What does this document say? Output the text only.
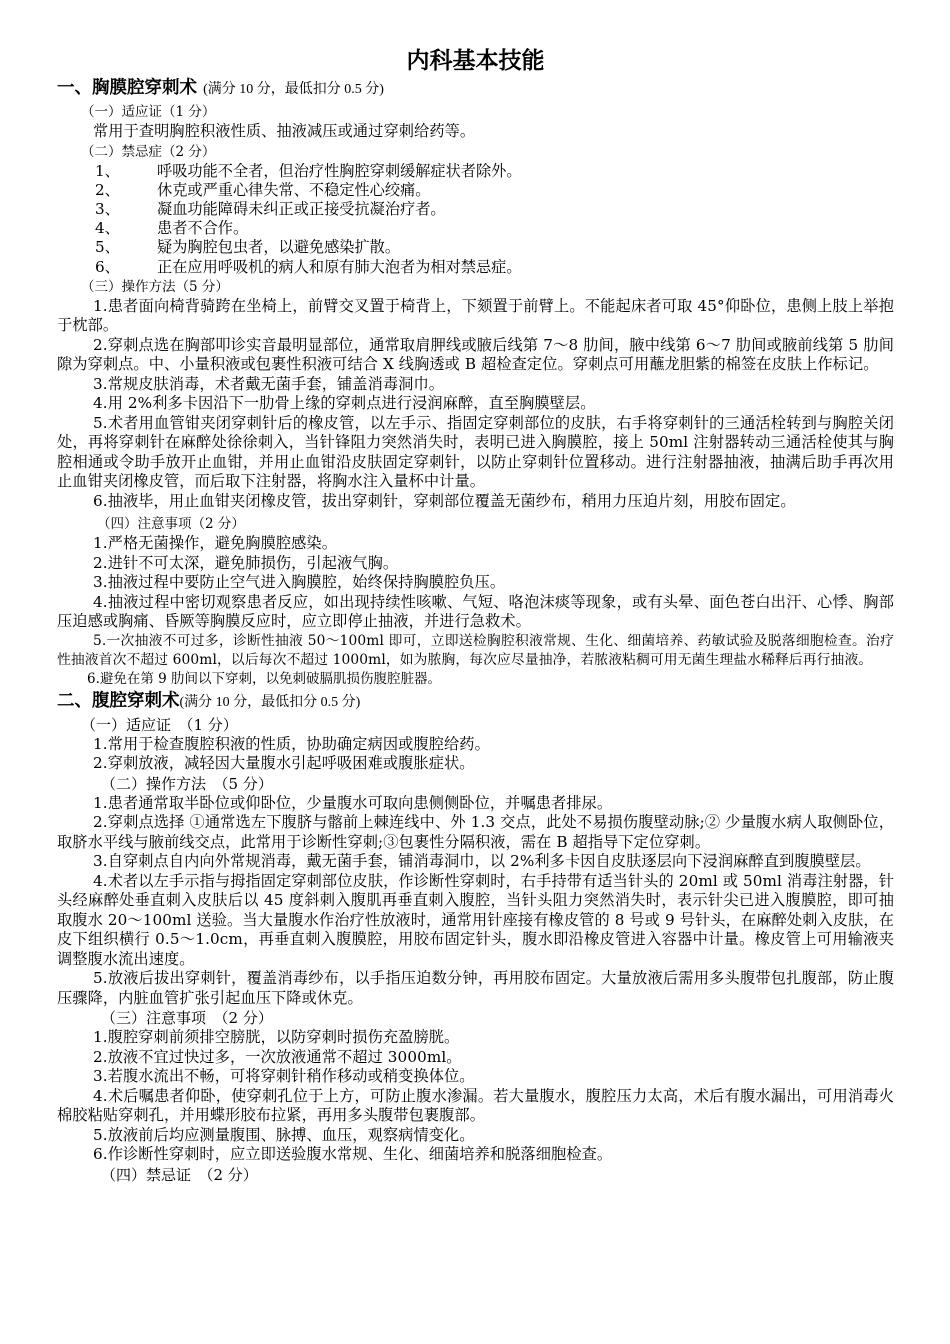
内科基本技能
一、胸膜腔穿刺术 (满分 10 分，最低扣分 0.5 分)
（一）适应证（1 分）

常用于查明胸腔积液性质、抽液减压或通过穿刺给药等。

（二）禁忌症（2 分）
1、	呼吸功能不全者，但治疗性胸腔穿刺缓解症状者除外。
2、	休克或严重心律失常、不稳定性心绞痛。
3、	凝血功能障碍未纠正或正接受抗凝治疗者。
4、	患者不合作。
5、	疑为胸腔包虫者，以避免感染扩散。
6、	正在应用呼吸机的病人和原有肺大泡者为相对禁忌症。
（三）操作方法（5 分）

1.患者面向椅背骑跨在坐椅上，前臂交叉置于椅背上，下颏置于前臂上。不能起床者可取 45°仰卧位，患侧上肢上举抱于枕部。

2.穿刺点选在胸部叩诊实音最明显部位，通常取肩胛线或腋后线第 7～8 肋间，腋中线第 6～7 肋间或腋前线第 5 肋间隙为穿刺点。中、小量积液或包裹性积液可结合 X 线胸透或 B 超检查定位。穿刺点可用蘸龙胆紫的棉签在皮肤上作标记。

3.常规皮肤消毒，术者戴无菌手套，铺盖消毒洞巾。

4.用 2%利多卡因沿下一肋骨上缘的穿刺点进行浸润麻醉，直至胸膜壁层。

5.术者用血管钳夹闭穿刺针后的橡皮管，以左手示、指固定穿刺部位的皮肤，右手将穿刺针的三通活栓转到与胸腔关闭处，再将穿刺针在麻醉处徐徐刺入，当针锋阻力突然消失时，表明已进入胸膜腔，接上 50ml 注射器转动三通活栓使其与胸腔相通或令助手放开止血钳，并用止血钳沿皮肤固定穿刺针，以防止穿刺针位置移动。进行注射器抽液，抽满后助手再次用止血钳夹闭橡皮管，而后取下注射器，将胸水注入量杯中计量。

6.抽液毕，用止血钳夹闭橡皮管，拔出穿刺针，穿刺部位覆盖无菌纱布，稍用力压迫片刻，用胶布固定。

（四）注意事项（2 分）

1.严格无菌操作，避免胸膜腔感染。

2.进针不可太深，避免肺损伤，引起液气胸。

3.抽液过程中要防止空气进入胸膜腔，始终保持胸膜腔负压。

4.抽液过程中密切观察患者反应，如出现持续性咳嗽、气短、咯泡沫痰等现象，或有头晕、面色苍白出汗、心悸、胸部压迫感或胸痛、昏厥等胸膜反应时，应立即停止抽液，并进行急救术。

5.一次抽液不可过多，诊断性抽液 50～100ml 即可，立即送检胸腔积液常规、生化、细菌培养、药敏试验及脱落细胞检查。治疗性抽液首次不超过 600ml，以后每次不超过 1000ml，如为脓胸，每次应尽量抽净，若脓液粘稠可用无菌生理盐水稀释后再行抽液。

6.避免在第 9 肋间以下穿刺，以免刺破膈肌损伤腹腔脏器。

二、腹腔穿刺术(满分 10 分，最低扣分 0.5 分)
（一）适应证　（1 分）

1.常用于检查腹腔积液的性质，协助确定病因或腹腔给药。

2.穿刺放液，减轻因大量腹水引起呼吸困难或腹胀症状。

（二）操作方法　（5 分）

1.患者通常取半卧位或仰卧位，少量腹水可取向患侧侧卧位，并嘱患者排尿。

2.穿刺点选择 ①通常选左下腹脐与髂前上棘连线中、外 1.3 交点，此处不易损伤腹壁动脉;② 少量腹水病人取侧卧位，取脐水平线与腋前线交点，此常用于诊断性穿刺;③包裹性分隔积液，需在 B 超指导下定位穿刺。

3.自穿刺点自内向外常规消毒，戴无菌手套，铺消毒洞巾，以 2%利多卡因自皮肤逐层向下浸润麻醉直到腹膜壁层。

4.术者以左手示指与拇指固定穿刺部位皮肤，作诊断性穿刺时，右手持带有适当针头的 20ml 或 50ml 消毒注射器，针头经麻醉处垂直刺入皮肤后以 45 度斜刺入腹肌再垂直刺入腹腔，当针头阻力突然消失时，表示针尖已进入腹膜腔，即可抽取腹水 20～100ml 送验。当大量腹水作治疗性放液时，通常用针座接有橡皮管的 8 号或 9 号针头，在麻醉处刺入皮肤，在皮下组织横行 0.5～1.0cm，再垂直刺入腹膜腔，用胶布固定针头，腹水即沿橡皮管进入容器中计量。橡皮管上可用输液夹调整腹水流出速度。

5.放液后拔出穿刺针，覆盖消毒纱布，以手指压迫数分钟，再用胶布固定。大量放液后需用多头腹带包扎腹部，防止腹压骤降，内脏血管扩张引起血压下降或休克。

（三）注意事项　（2 分）

1.腹腔穿刺前须排空膀胱，以防穿刺时损伤充盈膀胱。

2.放液不宜过快过多，一次放液通常不超过 3000ml。

3.若腹水流出不畅，可将穿刺针稍作移动或稍变换体位。

4.术后嘱患者仰卧，使穿刺孔位于上方，可防止腹水渗漏。若大量腹水，腹腔压力太高，术后有腹水漏出，可用消毒火棉胶粘贴穿刺孔，并用蝶形胶布拉紧，再用多头腹带包裹腹部。

5.放液前后均应测量腹围、脉搏、血压，观察病情变化。

6.作诊断性穿刺时，应立即送验腹水常规、生化、细菌培养和脱落细胞检查。

（四）禁忌证　（2 分）
